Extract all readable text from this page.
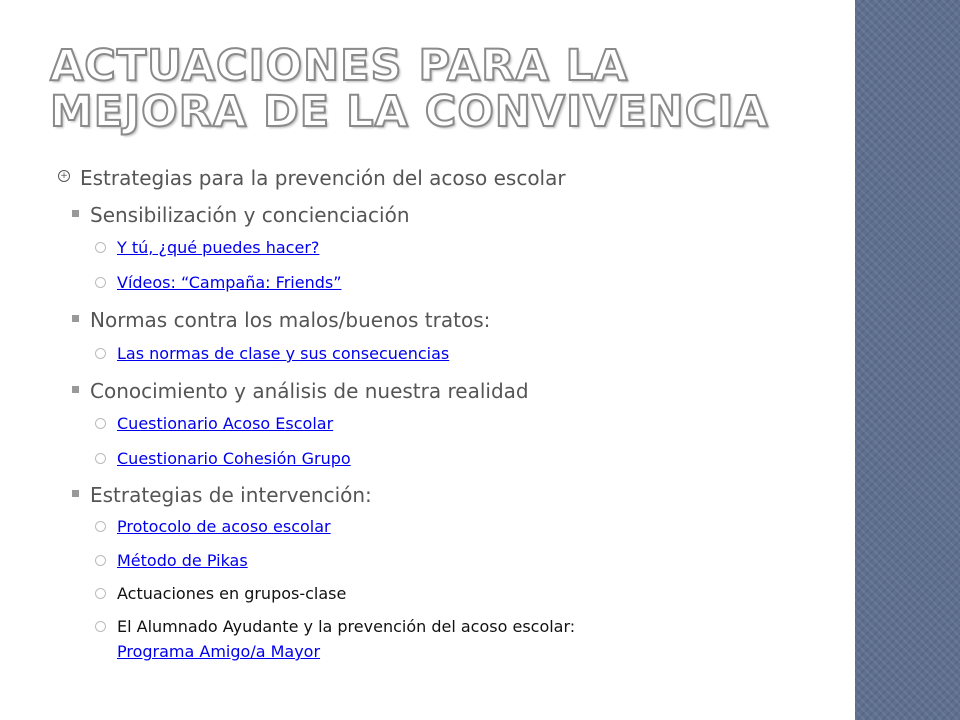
ACTUACIONES PARA LA MEJORA DE LA CONVIVENCIA
+ Estrategias para la prevención del acoso escolar
Sensibilización y concienciación
Y tú, ¿qué puedes hacer?
Vídeos: “Campaña: Friends”
Normas contra los malos/buenos tratos:
Las normas de clase y sus consecuencias
Conocimiento y análisis de nuestra realidad
Cuestionario Acoso Escolar
Cuestionario Cohesión Grupo
Estrategias de intervención:
Protocolo de acoso escolar
Método de Pikas
Actuaciones en grupos-clase
El Alumnado Ayudante y la prevención del acoso escolar:
Programa Amigo/a Mayor
